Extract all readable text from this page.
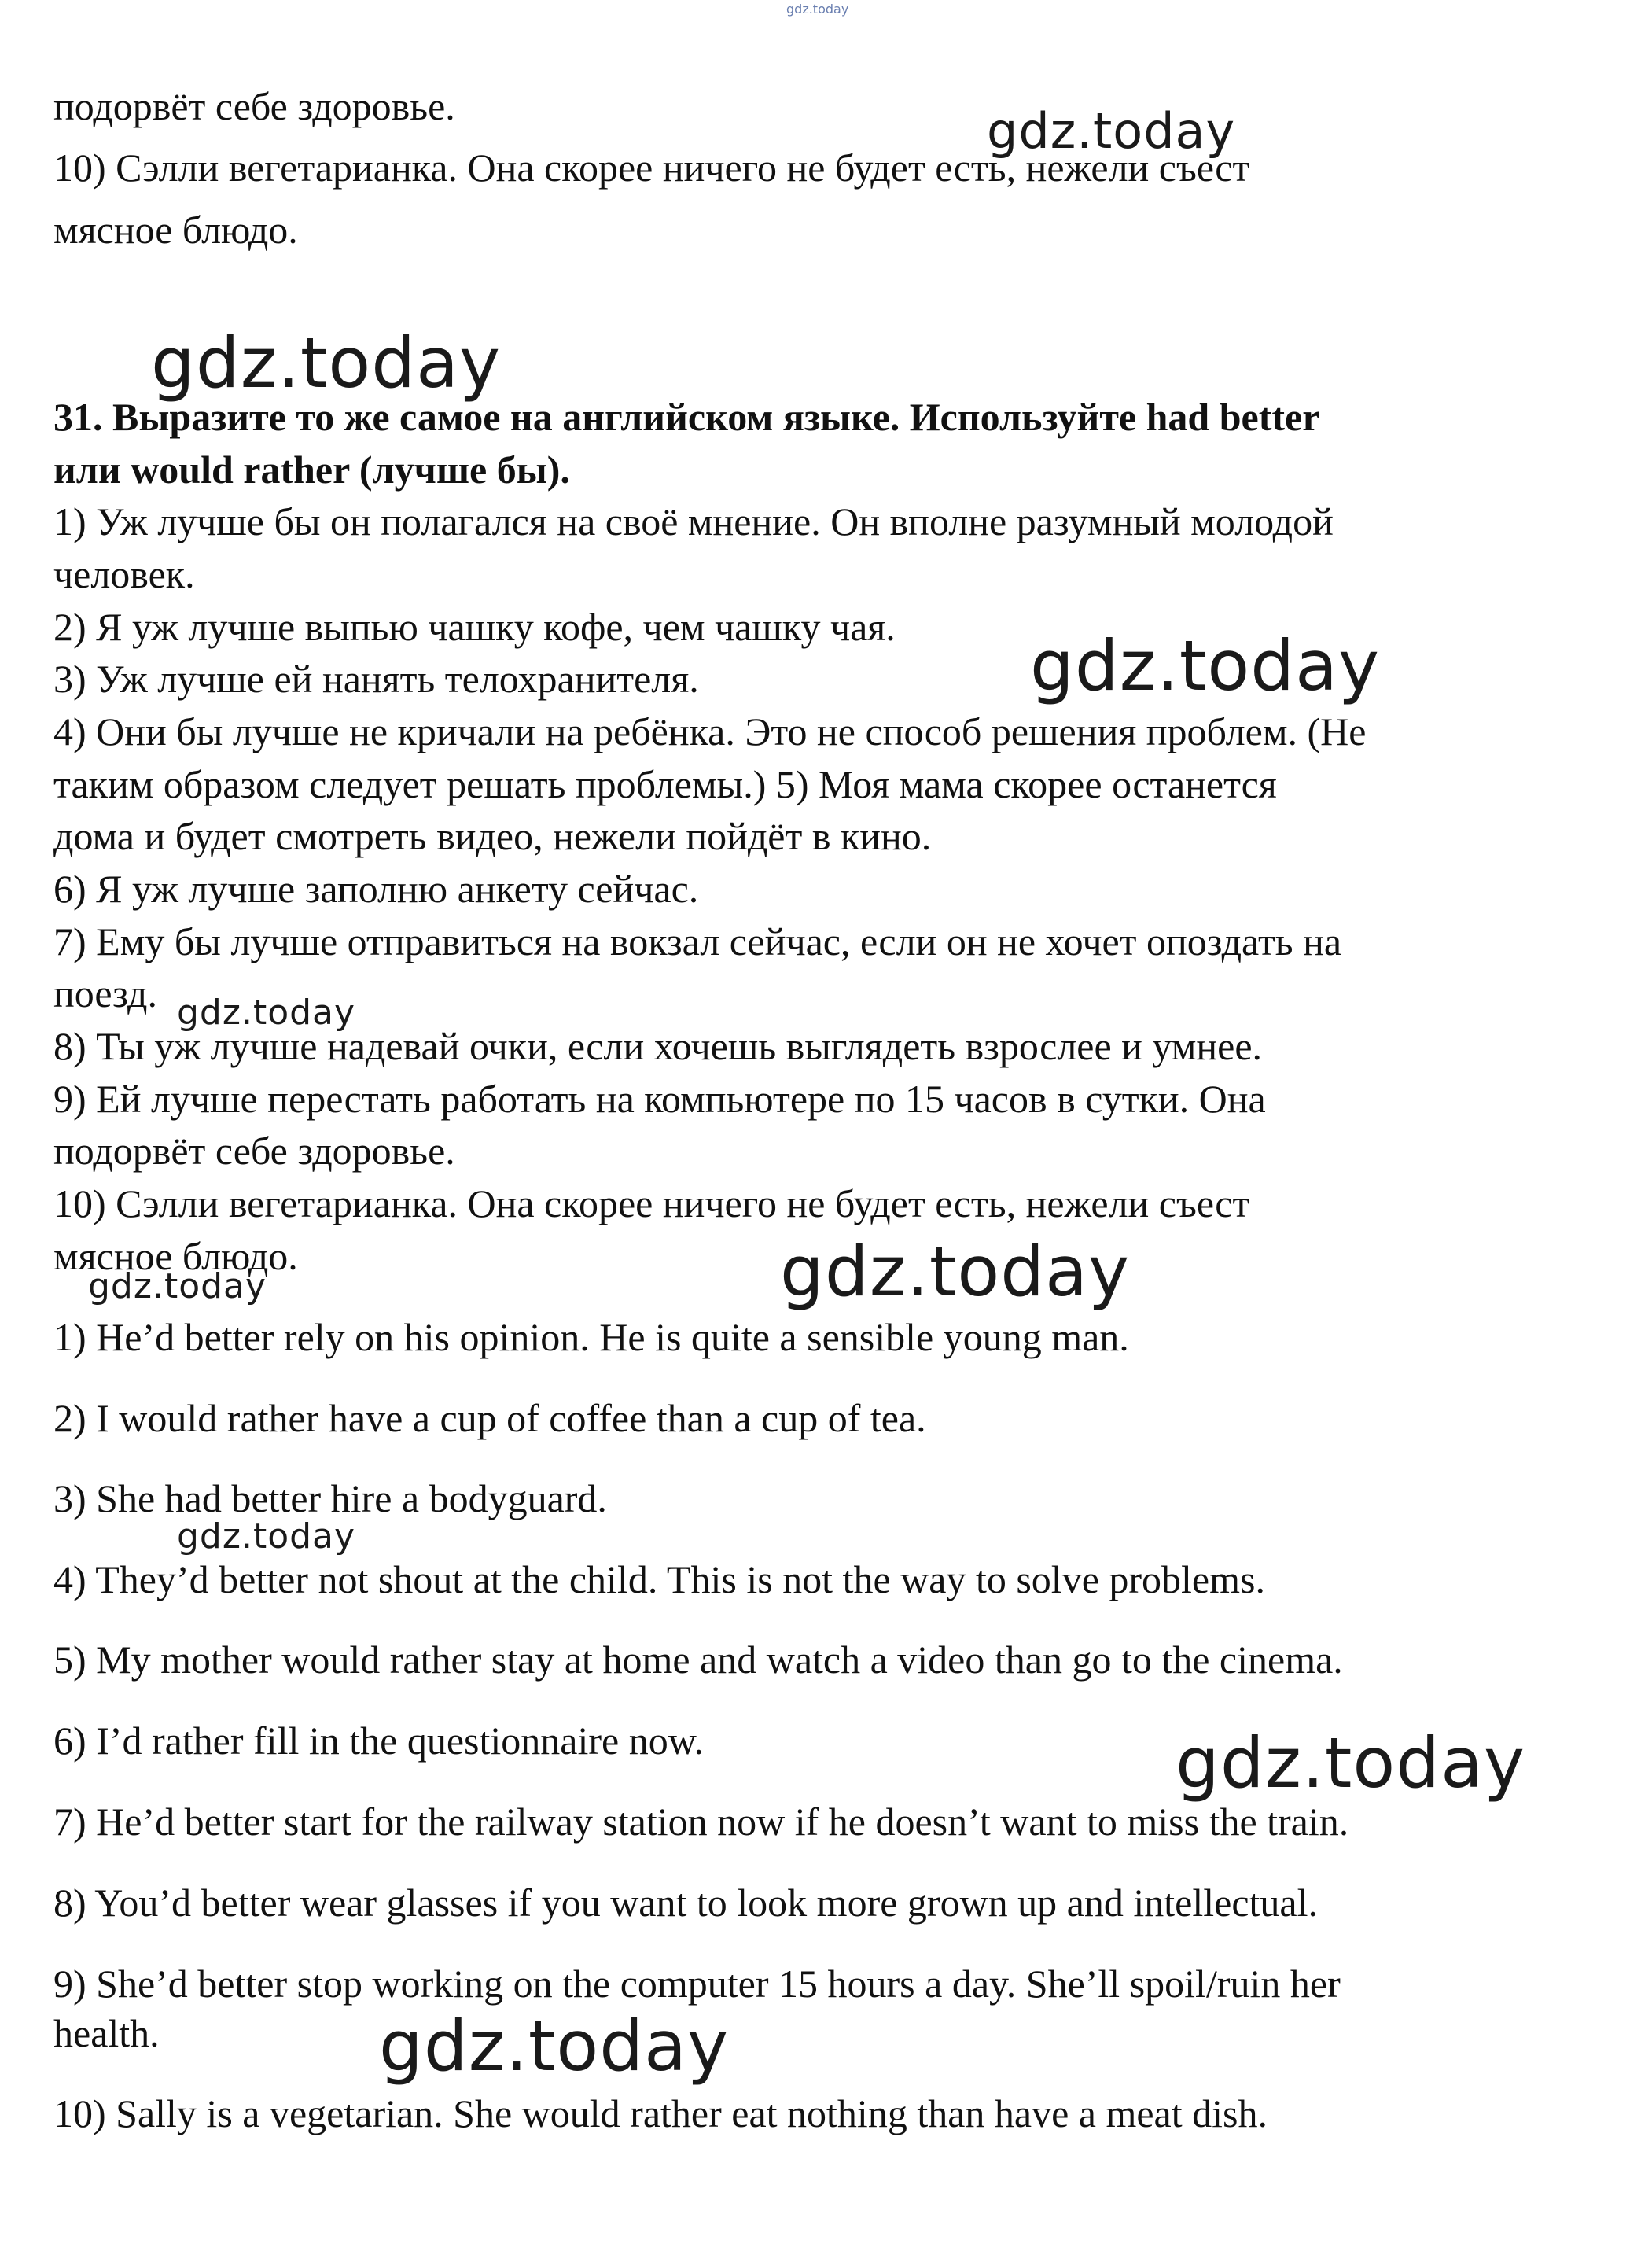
gdz.today
подорвёт себе здоровье.
10) Сэлли вегетарианка. Она скорее ничего не будет есть, нежели съест
мясное блюдо.
31. Выразите то же самое на английском языке. Используйте had better
или would rather (лучше бы).
1) Уж лучше бы он полагался на своё мнение. Он вполне разумный молодой
человек.
2) Я уж лучше выпью чашку кофе, чем чашку чая.
3) Уж лучше ей нанять телохранителя.
4) Они бы лучше не кричали на ребёнка. Это не способ решения проблем. (Не
таким образом следует решать проблемы.) 5) Моя мама скорее останется
дома и будет смотреть видео, нежели пойдёт в кино.
6) Я уж лучше заполню анкету сейчас.
7) Ему бы лучше отправиться на вокзал сейчас, если он не хочет опоздать на
поезд.
8) Ты уж лучше надевай очки, если хочешь выглядеть взрослее и умнее.
9) Ей лучше перестать работать на компьютере по 15 часов в сутки. Она
подорвёт себе здоровье.
10) Сэлли вегетарианка. Она скорее ничего не будет есть, нежели съест
мясное блюдо.
1) He’d better rely on his opinion. He is quite a sensible young man.
2) I would rather have a cup of coffee than a cup of tea.
3) She had better hire a bodyguard.
4) They’d better not shout at the child. This is not the way to solve problems.
5) My mother would rather stay at home and watch a video than go to the cinema.
6) I’d rather fill in the questionnaire now.
7) He’d better start for the railway station now if he doesn’t want to miss the train.
8) You’d better wear glasses if you want to look more grown up and intellectual.
9) She’d better stop working on the computer 15 hours a day. She’ll spoil/ruin her
health.
10) Sally is a vegetarian. She would rather eat nothing than have a meat dish.
gdz.today
gdz.today
gdz.today
gdz.today
gdz.today
gdz.today
gdz.today
gdz.today
gdz.today
